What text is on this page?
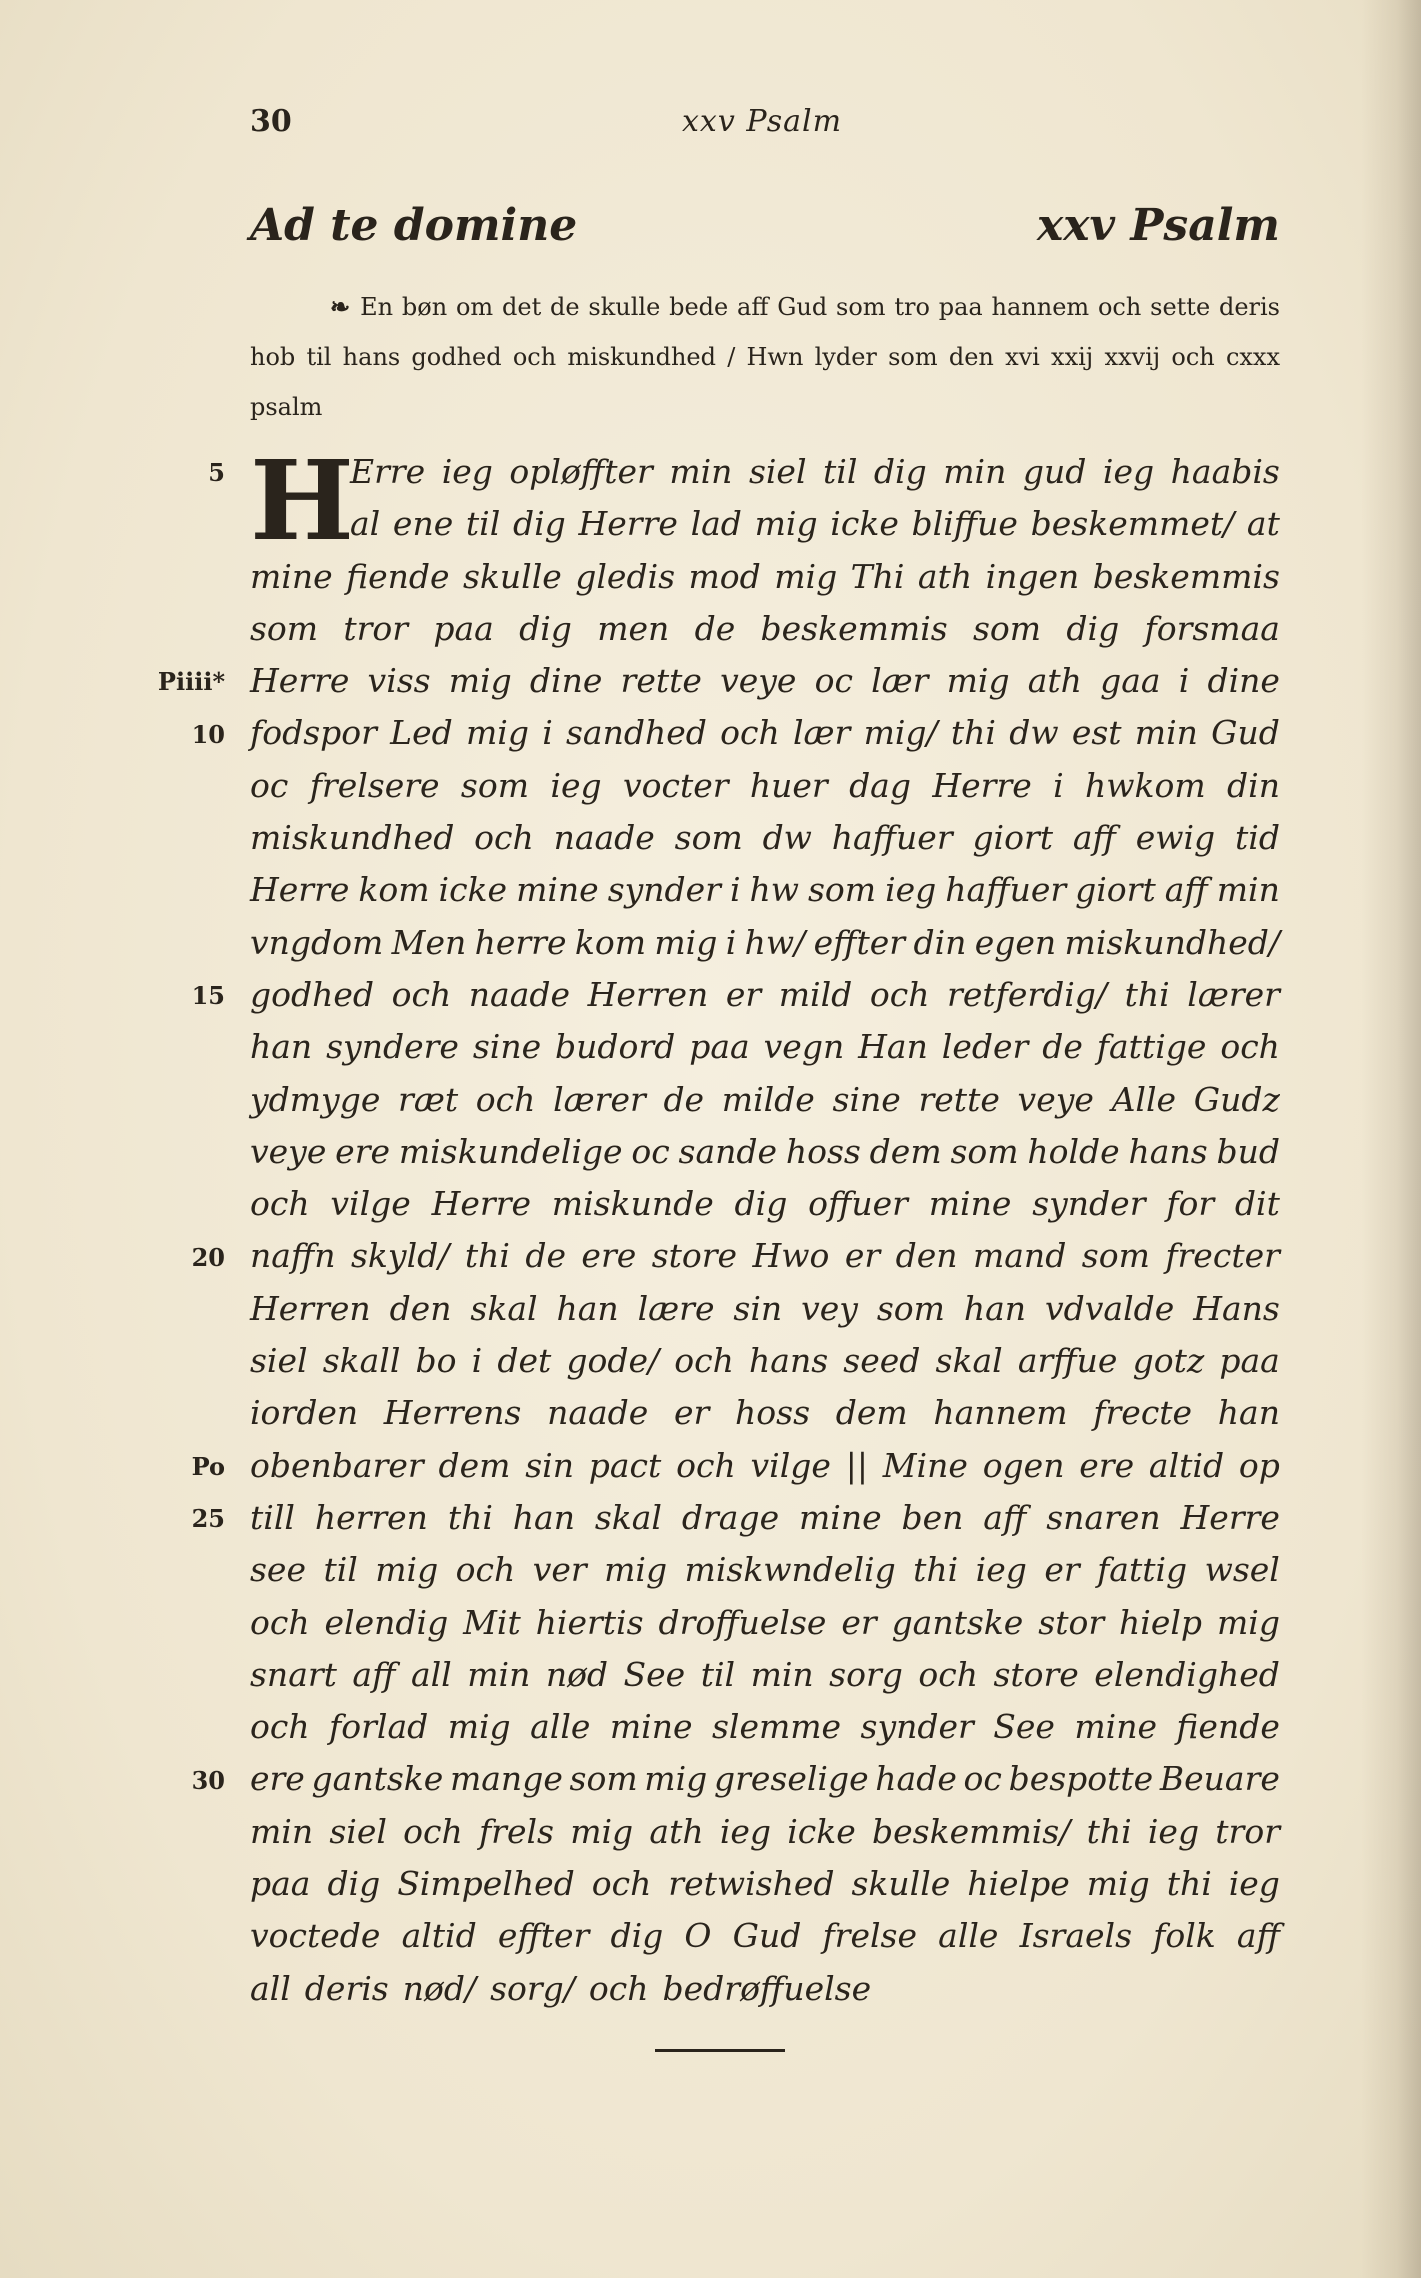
30	xxv Psalm
Ad te domine	xxv Psalm
❧ En bøn om det de skulle bede aff Gud som tro paa hannem och sette deris hob til hans godhed och miskundhed / Hwn lyder som den xvi xxij xxvij och cxxx psalm
H
Erre ieg opløffter min siel til dig min gud ieg haabis
al ene til dig Herre lad mig icke bliffue beskemmet/ at
mine fiende skulle gledis mod mig Thi ath ingen beskemmis
som tror paa dig men de beskemmis som dig forsmaa
Herre viss mig dine rette veye oc lær mig ath gaa i dine
fodspor Led mig i sandhed och lær mig/ thi dw est min Gud
oc frelsere som ieg vocter huer dag Herre i hwkom din
miskundhed och naade som dw haffuer giort aff ewig tid
Herre kom icke mine synder i hw som ieg haffuer giort aff min
vngdom Men herre kom mig i hw/ effter din egen miskundhed/
godhed och naade Herren er mild och retferdig/ thi lærer
han syndere sine budord paa vegn Han leder de fattige och
ydmyge ræt och lærer de milde sine rette veye Alle Gudz
veye ere miskundelige oc sande hoss dem som holde hans bud
och vilge Herre miskunde dig offuer mine synder for dit
naffn skyld/ thi de ere store Hwo er den mand som frecter
Herren den skal han lære sin vey som han vdvalde Hans
siel skall bo i det gode/ och hans seed skal arffue gotz paa
iorden Herrens naade er hoss dem hannem frecte han
obenbarer dem sin pact och vilge || Mine ogen ere altid op
till herren thi han skal drage mine ben aff snaren Herre
see til mig och ver mig miskwndelig thi ieg er fattig wsel
och elendig Mit hiertis droffuelse er gantske stor hielp mig
snart aff all min nød See til min sorg och store elendighed
och forlad mig alle mine slemme synder See mine fiende
ere gantske mange som mig greselige hade oc bespotte Beuare
min siel och frels mig ath ieg icke beskemmis/ thi ieg tror
paa dig Simpelhed och retwished skulle hielpe mig thi ieg
voctede altid effter dig O Gud frelse alle Israels folk aff
all deris nød/ sorg/ och bedrøffuelse
5
Piiii*
10
15
20
Po
25
30
